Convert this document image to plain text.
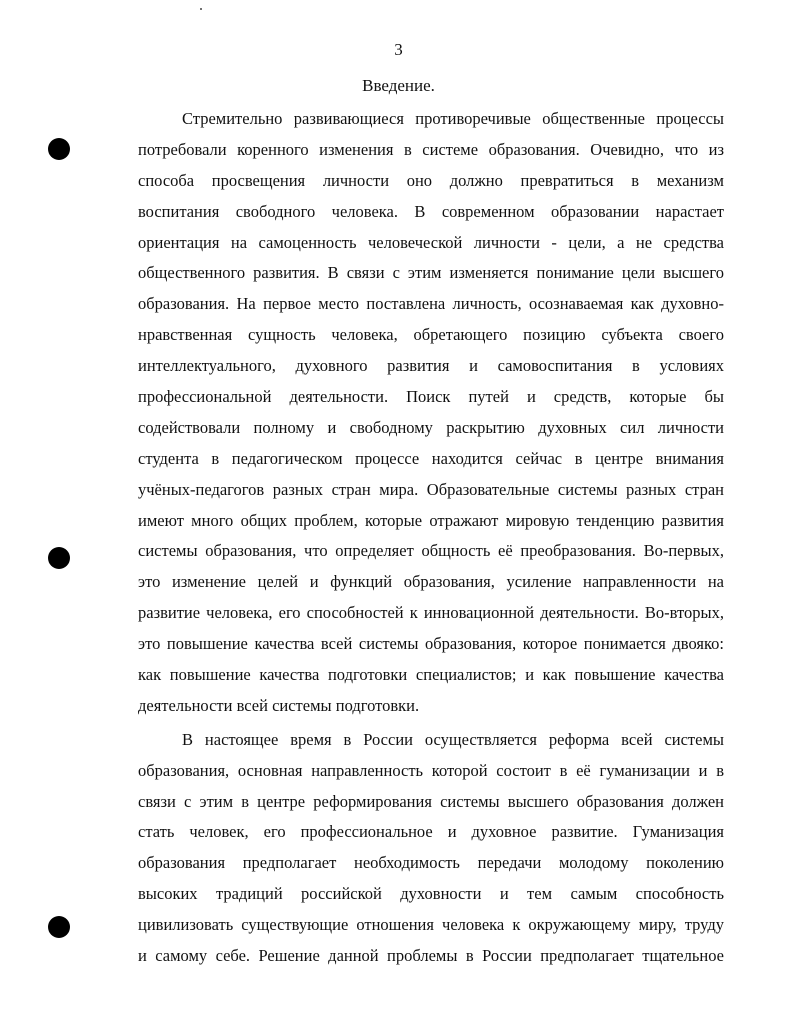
3
Введение.
Стремительно развивающиеся противоречивые общественные процессы
потребовали коренного изменения в системе образования. Очевидно, что из
способа просвещения личности оно должно превратиться в механизм
воспитания свободного человека. В современном образовании нарастает
ориентация на самоценность человеческой личности - цели, а не средства
общественного развития. В связи с этим изменяется понимание цели высшего
образования. На первое место поставлена личность, осознаваемая как духовно-
нравственная сущность человека, обретающего позицию субъекта своего
интеллектуального, духовного развития и самовоспитания в условиях
профессиональной деятельности. Поиск путей и средств, которые бы
содействовали полному и свободному раскрытию духовных сил личности
студента в педагогическом процессе находится сейчас в центре внимания
учёных-педагогов разных стран мира. Образовательные системы разных стран
имеют много общих проблем, которые отражают мировую тенденцию развития
системы образования, что определяет общность её преобразования. Во-первых,
это изменение целей и функций образования, усиление направленности на
развитие человека, его способностей к инновационной деятельности. Во-вторых,
это повышение качества всей системы образования, которое понимается двояко:
как повышение качества подготовки специалистов; и как повышение качества
деятельности всей системы подготовки.
В настоящее время в России осуществляется реформа всей системы
образования, основная направленность которой состоит в её гуманизации и в
связи с этим в центре реформирования системы высшего образования должен
стать человек, его профессиональное и духовное развитие. Гуманизация
образования предполагает необходимость передачи молодому поколению
высоких традиций российской духовности и тем самым способность
цивилизовать существующие отношения человека к окружающему миру, труду
и самому себе. Решение данной проблемы в России предполагает тщательное
